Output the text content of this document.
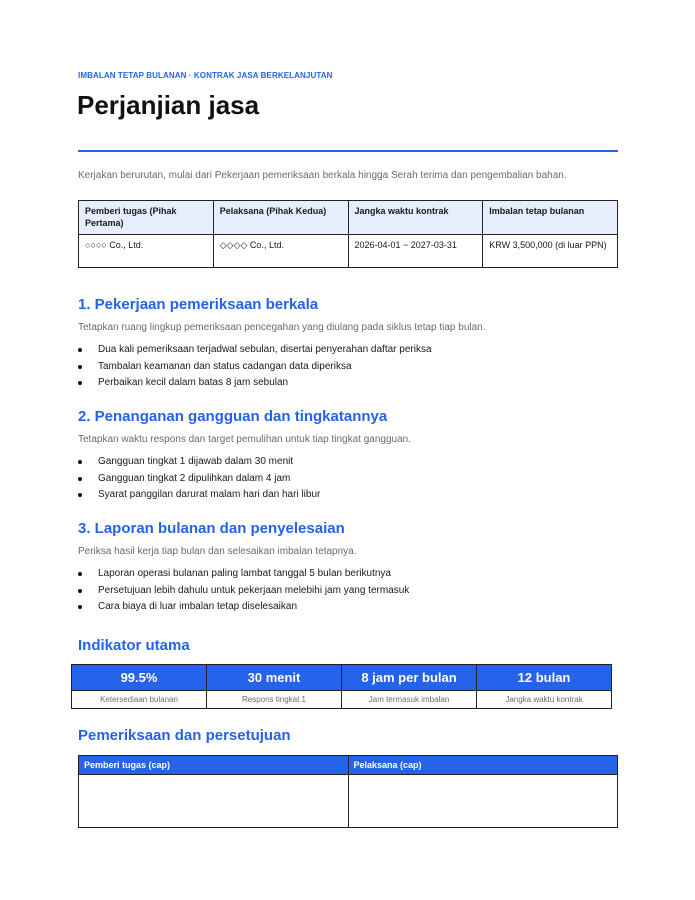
IMBALAN TETAP BULANAN · KONTRAK JASA BERKELANJUTAN
Perjanjian jasa
Kerjakan berurutan, mulai dari Pekerjaan pemeriksaan berkala hingga Serah terima dan pengembalian bahan.
Pemberi tugas (Pihak Pertama)	Pelaksana (Pihak Kedua)	Jangka waktu kontrak	Imbalan tetap bulanan
○○○○ Co., Ltd.	◇◇◇◇ Co., Ltd.	2026-04-01 ~ 2027-03-31	KRW 3,500,000 (di luar PPN)
1. Pekerjaan pemeriksaan berkala
Tetapkan ruang lingkup pemeriksaan pencegahan yang diulang pada siklus tetap tiap bulan.
Dua kali pemeriksaan terjadwal sebulan, disertai penyerahan daftar periksa
Tambalan keamanan dan status cadangan data diperiksa
Perbaikan kecil dalam batas 8 jam sebulan
2. Penanganan gangguan dan tingkatannya
Tetapkan waktu respons dan target pemulihan untuk tiap tingkat gangguan.
Gangguan tingkat 1 dijawab dalam 30 menit
Gangguan tingkat 2 dipulihkan dalam 4 jam
Syarat panggilan darurat malam hari dan hari libur
3. Laporan bulanan dan penyelesaian
Periksa hasil kerja tiap bulan dan selesaikan imbalan tetapnya.
Laporan operasi bulanan paling lambat tanggal 5 bulan berikutnya
Persetujuan lebih dahulu untuk pekerjaan melebihi jam yang termasuk
Cara biaya di luar imbalan tetap diselesaikan
Indikator utama
99.5%	30 menit	8 jam per bulan	12 bulan
Ketersediaan bulanan	Respons tingkat 1	Jam termasuk imbalan	Jangka waktu kontrak
Pemeriksaan dan persetujuan
Pemberi tugas (cap)	Pelaksana (cap)
